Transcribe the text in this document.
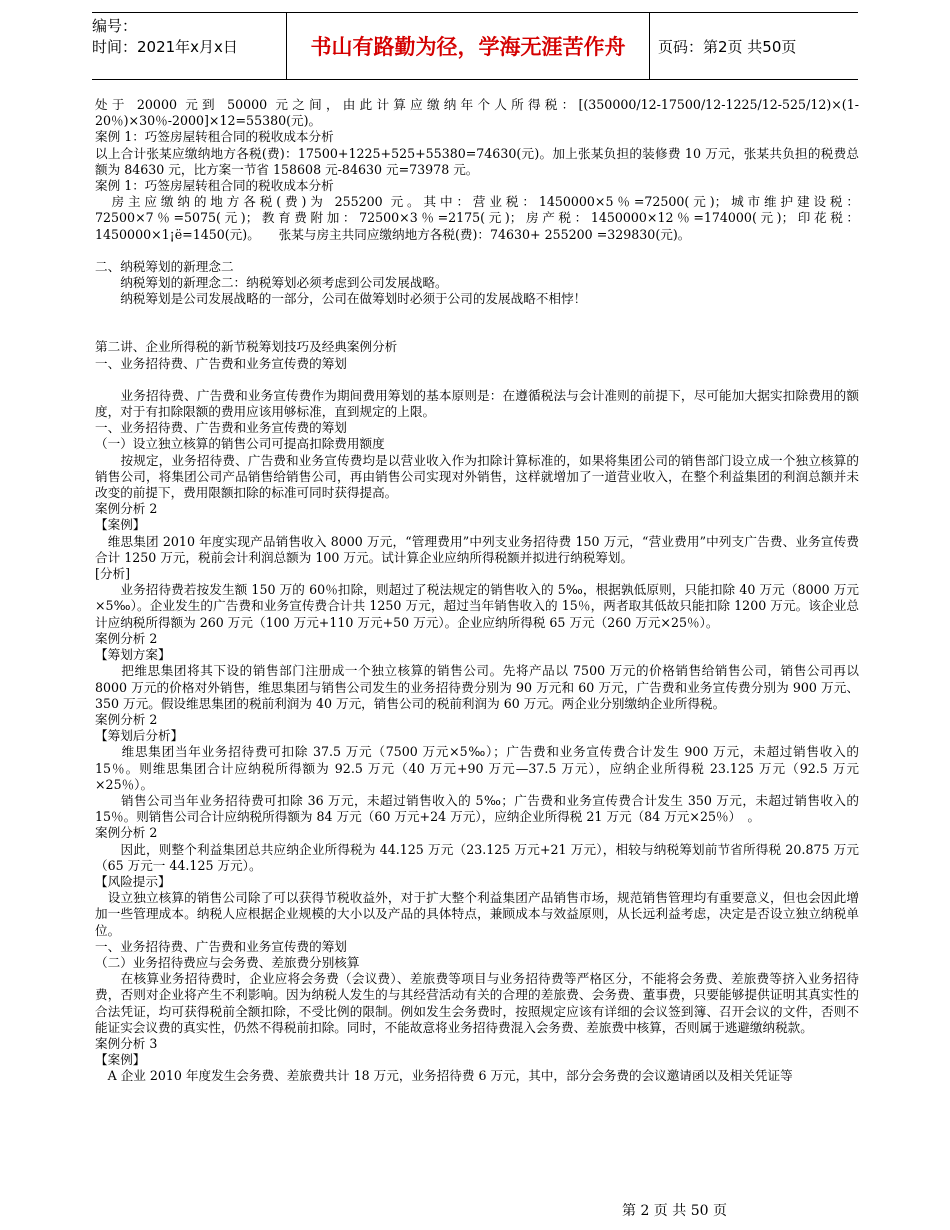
编号：
时间：2021年x月x日	书山有路勤为径，学海无涯苦作舟	页码：第2页 共50页

处于 20000 元到 50000 元之间，由此计算应缴纳年个人所得税：[(350000/12-17500/12-1225/12-525/12)×(1-20％)×30％-2000]×12=55380(元)。

案例 1：巧签房屋转租合同的税收成本分析

以上合计张某应缴纳地方各税(费)：17500+1225+525+55380=74630(元)。加上张某负担的装修费 10 万元，张某共负担的税费总额为 84630 元，比方案一节省 158608 元-84630 元=73978 元。

案例 1：巧签房屋转租合同的税收成本分析

　房主应缴纳的地方各税(费)为 255200 元。其中：营业税：1450000×5％=72500(元)；城市维护建设税：72500×7％=5075(元)；教育费附加：72500×3％=2175(元)；房产税：1450000×12％=174000(元)；印花税：1450000×1¡ë=1450(元)。　　张某与房主共同应缴纳地方各税(费)：74630+ 255200 =329830(元)。

二、纳税筹划的新理念二

　　纳税筹划的新理念二：纳税筹划必须考虑到公司发展战略。

　　纳税筹划是公司发展战略的一部分，公司在做筹划时必须于公司的发展战略不相悖！

第二讲、企业所得税的新节税筹划技巧及经典案例分析

一、业务招待费、广告费和业务宣传费的筹划

　　业务招待费、广告费和业务宣传费作为期间费用筹划的基本原则是：在遵循税法与会计准则的前提下，尽可能加大据实扣除费用的额度，对于有扣除限额的费用应该用够标准，直到规定的上限。

一、业务招待费、广告费和业务宣传费的筹划

（一）设立独立核算的销售公司可提高扣除费用额度

　　按规定，业务招待费、广告费和业务宣传费均是以营业收入作为扣除计算标准的，如果将集团公司的销售部门设立成一个独立核算的销售公司，将集团公司产品销售给销售公司，再由销售公司实现对外销售，这样就增加了一道营业收入，在整个利益集团的利润总额并未改变的前提下，费用限额扣除的标准可同时获得提高。

案例分析 2

【案例】

　维思集团 2010 年度实现产品销售收入 8000 万元，“管理费用”中列支业务招待费 150 万元，“营业费用”中列支广告费、业务宣传费合计 1250 万元，税前会计利润总额为 100 万元。试计算企业应纳所得税额并拟进行纳税筹划。

[分析]

　　业务招待费若按发生额 150 万的 60％扣除，则超过了税法规定的销售收入的 5‰，根据孰低原则，只能扣除 40 万元（8000 万元×5‰）。企业发生的广告费和业务宣传费合计共 1250 万元，超过当年销售收入的 15％，两者取其低故只能扣除 1200 万元。该企业总计应纳税所得额为 260 万元（100 万元+110 万元+50 万元）。企业应纳所得税 65 万元（260 万元×25％）。

案例分析 2

【筹划方案】

　　把维思集团将其下设的销售部门注册成一个独立核算的销售公司。先将产品以 7500 万元的价格销售给销售公司，销售公司再以 8000 万元的价格对外销售，维思集团与销售公司发生的业务招待费分别为 90 万元和 60 万元，广告费和业务宣传费分别为 900 万元、350 万元。假设维思集团的税前利润为 40 万元，销售公司的税前利润为 60 万元。两企业分别缴纳企业所得税。

案例分析 2

【筹划后分析】

　　维思集团当年业务招待费可扣除 37.5 万元（7500 万元×5‰）；广告费和业务宣传费合计发生 900 万元，未超过销售收入的 15％。则维思集团合计应纳税所得额为 92.5 万元（40 万元+90 万元—37.5 万元），应纳企业所得税 23.125 万元（92.5 万元×25％）。

　　销售公司当年业务招待费可扣除 36 万元，未超过销售收入的 5‰；广告费和业务宣传费合计发生 350 万元，未超过销售收入的 15％。则销售公司合计应纳税所得额为 84 万元（60 万元+24 万元），应纳企业所得税 21 万元（84 万元×25％）　。

案例分析 2

　　因此，则整个利益集团总共应纳企业所得税为 44.125 万元（23.125 万元+21 万元），相较与纳税筹划前节省所得税 20.875 万元（65 万元一 44.125 万元）。

【风险提示】

　设立独立核算的销售公司除了可以获得节税收益外，对于扩大整个利益集团产品销售市场，规范销售管理均有重要意义，但也会因此增加一些管理成本。纳税人应根据企业规模的大小以及产品的具体特点，兼顾成本与效益原则，从长远利益考虑，决定是否设立独立纳税单位。

一、业务招待费、广告费和业务宣传费的筹划

（二）业务招待费应与会务费、差旅费分别核算

　　在核算业务招待费时，企业应将会务费（会议费）、差旅费等项目与业务招待费等严格区分，不能将会务费、差旅费等挤入业务招待费，否则对企业将产生不利影响。因为纳税人发生的与其经营活动有关的合理的差旅费、会务费、董事费，只要能够提供证明其真实性的合法凭证，均可获得税前全额扣除，不受比例的限制。例如发生会务费时，按照规定应该有详细的会议签到簿、召开会议的文件，否则不能证实会议费的真实性，仍然不得税前扣除。同时，不能故意将业务招待费混入会务费、差旅费中核算，否则属于逃避缴纳税款。

案例分析 3

【案例】

　A 企业 2010 年度发生会务费、差旅费共计 18 万元，业务招待费 6 万元，其中，部分会务费的会议邀请函以及相关凭证等

第 2 页 共 50 页
